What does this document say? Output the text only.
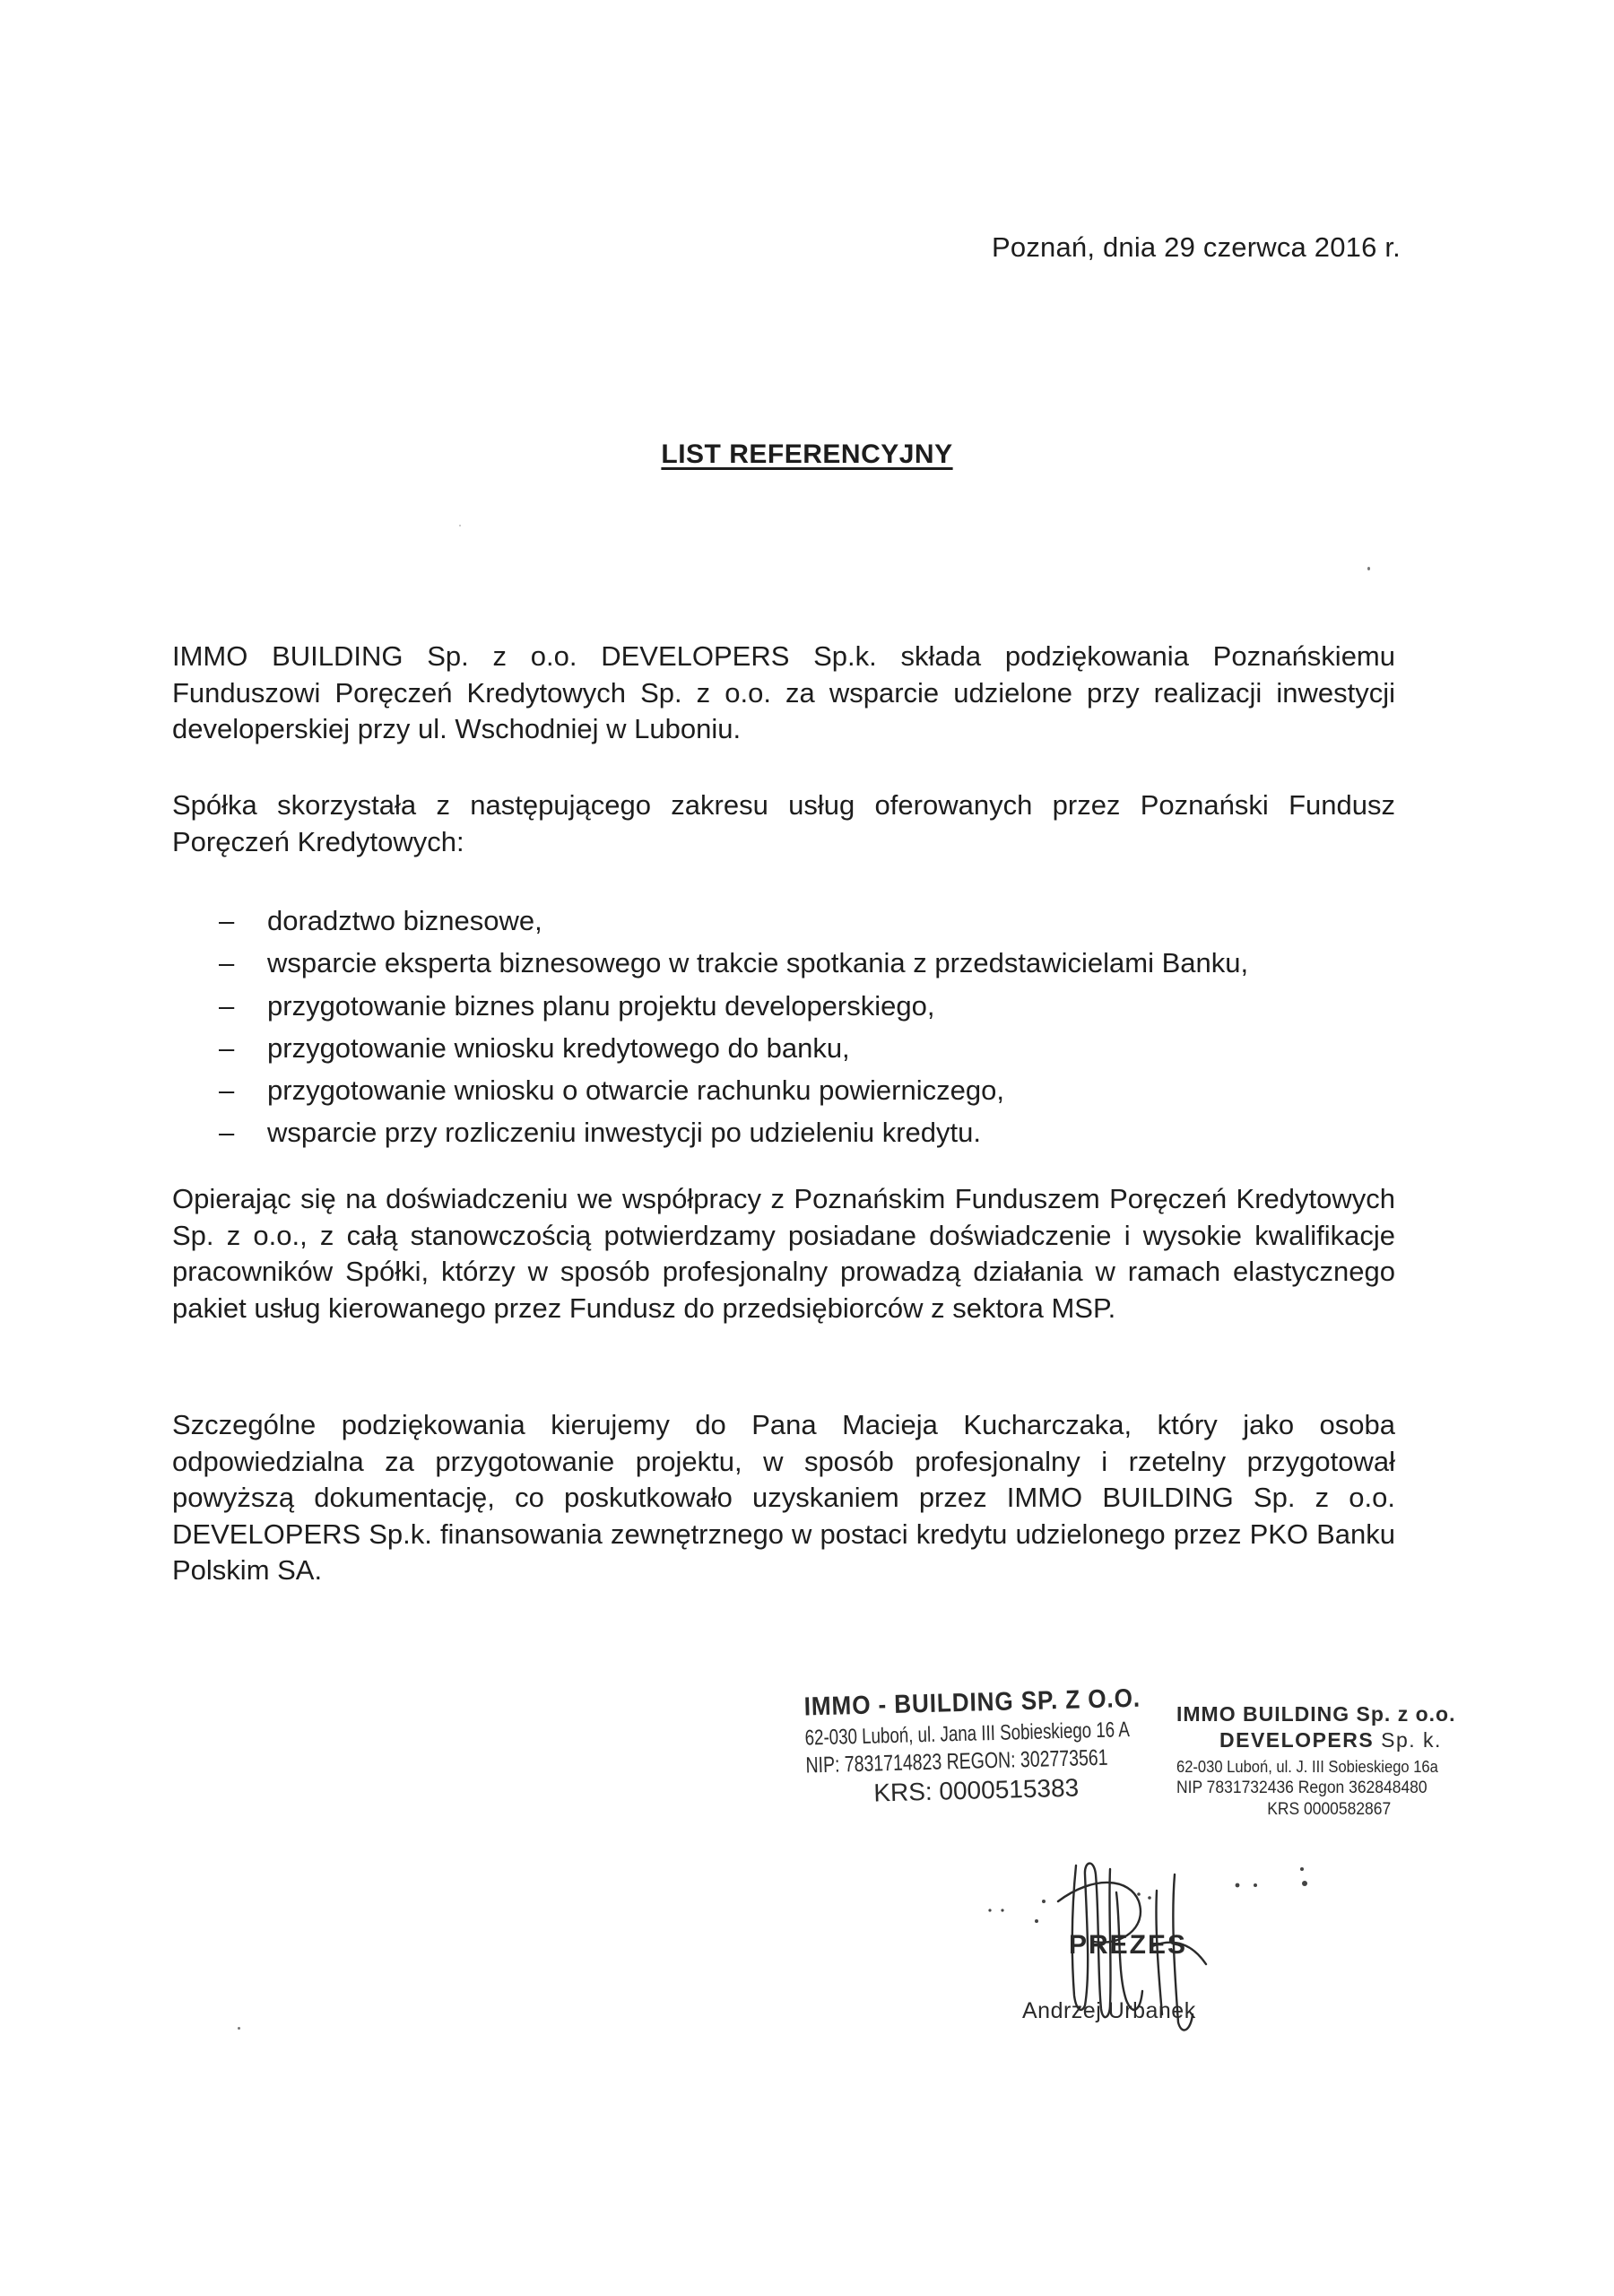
Poznań, dnia 29 czerwca 2016 r.
LIST REFERENCYJNY
IMMO BUILDING Sp. z o.o. DEVELOPERS Sp.k. składa podziękowania Poznańskiemu Funduszowi Poręczeń Kredytowych Sp. z o.o. za wsparcie udzielone przy realizacji inwestycji developerskiej przy ul. Wschodniej w Luboniu.
Spółka skorzystała z następującego zakresu usług oferowanych przez Poznański Fundusz Poręczeń Kredytowych:
– doradztwo biznesowe,
– wsparcie eksperta biznesowego w trakcie spotkania z przedstawicielami Banku,
– przygotowanie biznes planu projektu developerskiego,
– przygotowanie wniosku kredytowego do banku,
– przygotowanie wniosku o otwarcie rachunku powierniczego,
– wsparcie przy rozliczeniu inwestycji po udzieleniu kredytu.
Opierając się na doświadczeniu we współpracy z Poznańskim Funduszem Poręczeń Kredytowych Sp. z o.o., z całą stanowczością potwierdzamy posiadane doświadczenie i wysokie kwalifikacje pracowników Spółki, którzy w sposób profesjonalny prowadzą działania w ramach elastycznego pakiet usług kierowanego przez Fundusz do przedsiębiorców z sektora MSP.
Szczególne podziękowania kierujemy do Pana Macieja Kucharczaka, który jako osoba odpowiedzialna za przygotowanie projektu, w sposób profesjonalny i rzetelny przygotował powyższą dokumentację, co poskutkowało uzyskaniem przez IMMO BUILDING Sp. z o.o. DEVELOPERS Sp.k. finansowania zewnętrznego w postaci kredytu udzielonego przez PKO Banku Polskim SA.
IMMO - BUILDING SP. Z O.O.
62-030 Luboń, ul. Jana III Sobieskiego 16 A
NIP: 7831714823 REGON: 302773561
KRS: 0000515383
IMMO BUILDING Sp. z o.o.
DEVELOPERS Sp. k.
62-030 Luboń, ul. J. III Sobieskiego 16a
NIP 7831732436 Regon 362848480
KRS 0000582867
PREZES
Andrzej Urbanek
